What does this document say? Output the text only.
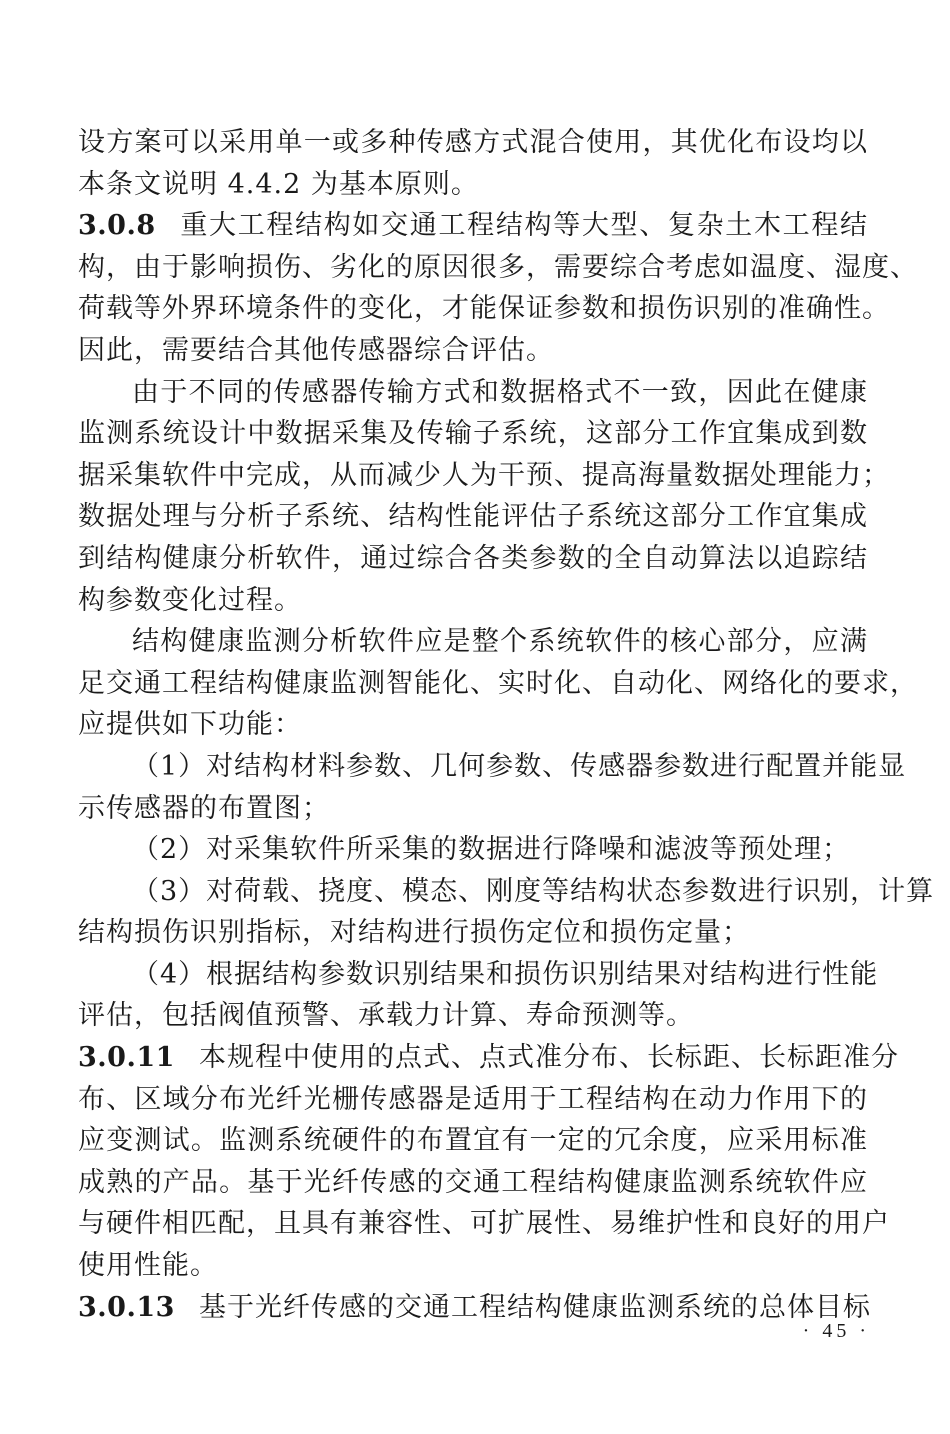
设方案可以采用单一或多种传感方式混合使用，其优化布设均以
本条文说明 4.4.2 为基本原则。
3.0.8 重大工程结构如交通工程结构等大型、复杂土木工程结
构，由于影响损伤、劣化的原因很多，需要综合考虑如温度、湿度、
荷载等外界环境条件的变化，才能保证参数和损伤识别的准确性。
因此，需要结合其他传感器综合评估。
由于不同的传感器传输方式和数据格式不一致，因此在健康
监测系统设计中数据采集及传输子系统，这部分工作宜集成到数
据采集软件中完成，从而减少人为干预、提高海量数据处理能力；
数据处理与分析子系统、结构性能评估子系统这部分工作宜集成
到结构健康分析软件，通过综合各类参数的全自动算法以追踪结
构参数变化过程。
结构健康监测分析软件应是整个系统软件的核心部分，应满
足交通工程结构健康监测智能化、实时化、自动化、网络化的要求，
应提供如下功能：
（1）对结构材料参数、几何参数、传感器参数进行配置并能显
示传感器的布置图；
（2）对采集软件所采集的数据进行降噪和滤波等预处理；
（3）对荷载、挠度、模态、刚度等结构状态参数进行识别，计算
结构损伤识别指标，对结构进行损伤定位和损伤定量；
（4）根据结构参数识别结果和损伤识别结果对结构进行性能
评估，包括阀值预警、承载力计算、寿命预测等。
3.0.11 本规程中使用的点式、点式准分布、长标距、长标距准分
布、区域分布光纤光栅传感器是适用于工程结构在动力作用下的
应变测试。监测系统硬件的布置宜有一定的冗余度，应采用标准
成熟的产品。基于光纤传感的交通工程结构健康监测系统软件应
与硬件相匹配，且具有兼容性、可扩展性、易维护性和良好的用户
使用性能。
3.0.13 基于光纤传感的交通工程结构健康监测系统的总体目标
· 45 ·
